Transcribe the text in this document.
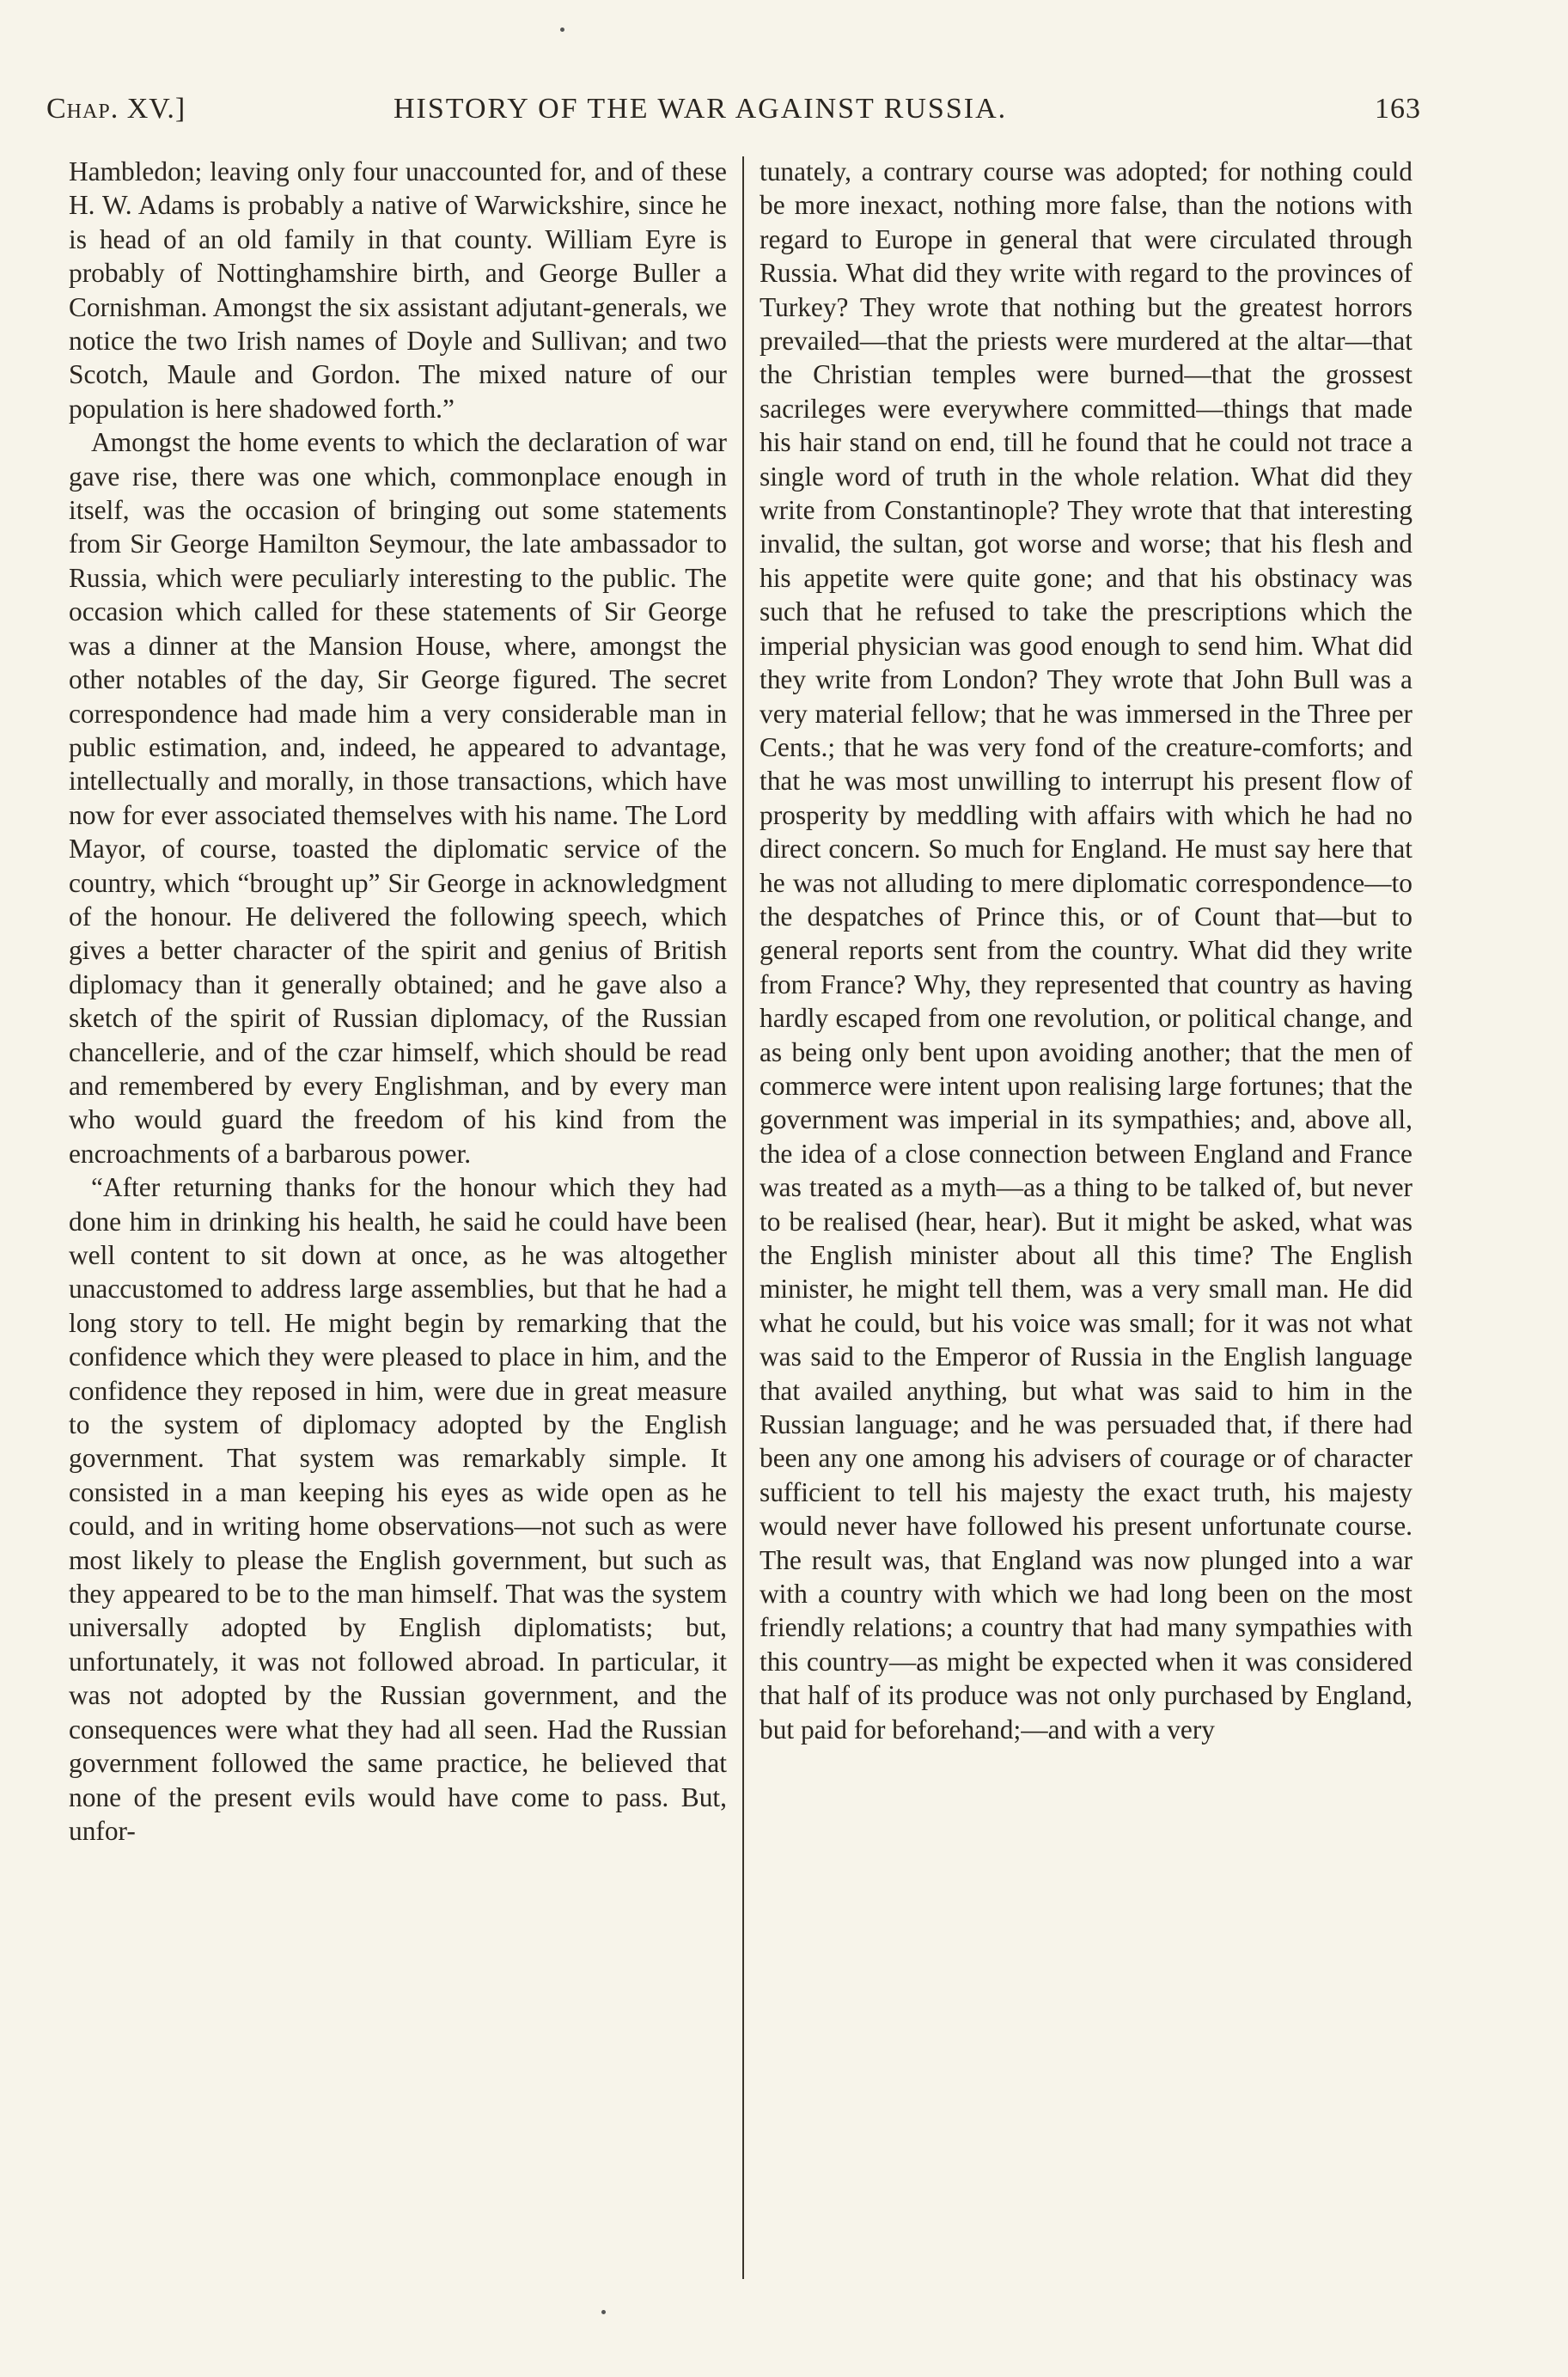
Chap. XV.]	HISTORY OF THE WAR AGAINST RUSSIA.	163

Hambledon; leaving only four unaccounted for, and of these H. W. Adams is probably a native of Warwickshire, since he is head of an old family in that county. William Eyre is probably of Nottinghamshire birth, and George Buller a Cornishman. Amongst the six assistant adjutant-generals, we notice the two Irish names of Doyle and Sullivan; and two Scotch, Maule and Gordon. The mixed nature of our population is here shadowed forth.”

Amongst the home events to which the declaration of war gave rise, there was one which, commonplace enough in itself, was the occasion of bringing out some statements from Sir George Hamilton Seymour, the late ambassador to Russia, which were peculiarly interesting to the public. The occasion which called for these statements of Sir George was a dinner at the Mansion House, where, amongst the other notables of the day, Sir George figured. The secret correspondence had made him a very considerable man in public estimation, and, indeed, he appeared to advantage, intellectually and morally, in those transactions, which have now for ever associated themselves with his name. The Lord Mayor, of course, toasted the diplomatic service of the country, which “brought up” Sir George in acknowledgment of the honour. He delivered the following speech, which gives a better character of the spirit and genius of British diplomacy than it generally obtained; and he gave also a sketch of the spirit of Russian diplomacy, of the Russian chancellerie, and of the czar himself, which should be read and remembered by every Englishman, and by every man who would guard the freedom of his kind from the encroachments of a barbarous power.

“After returning thanks for the honour which they had done him in drinking his health, he said he could have been well content to sit down at once, as he was altogether unaccustomed to address large assemblies, but that he had a long story to tell. He might begin by remarking that the confidence which they were pleased to place in him, and the confidence they reposed in him, were due in great measure to the system of diplomacy adopted by the English government. That system was remarkably simple. It consisted in a man keeping his eyes as wide open as he could, and in writing home observations—not such as were most likely to please the English government, but such as they appeared to be to the man himself. That was the system universally adopted by English diplomatists; but, unfortunately, it was not followed abroad. In particular, it was not adopted by the Russian government, and the consequences were what they had all seen. Had the Russian government followed the same practice, he believed that none of the present evils would have come to pass. But, unfor-

tunately, a contrary course was adopted; for nothing could be more inexact, nothing more false, than the notions with regard to Europe in general that were circulated through Russia. What did they write with regard to the provinces of Turkey? They wrote that nothing but the greatest horrors prevailed—that the priests were murdered at the altar—that the Christian temples were burned—that the grossest sacrileges were everywhere committed—things that made his hair stand on end, till he found that he could not trace a single word of truth in the whole relation. What did they write from Constantinople? They wrote that that interesting invalid, the sultan, got worse and worse; that his flesh and his appetite were quite gone; and that his obstinacy was such that he refused to take the prescriptions which the imperial physician was good enough to send him. What did they write from London? They wrote that John Bull was a very material fellow; that he was immersed in the Three per Cents.; that he was very fond of the creature-comforts; and that he was most unwilling to interrupt his present flow of prosperity by meddling with affairs with which he had no direct concern. So much for England. He must say here that he was not alluding to mere diplomatic correspondence—to the despatches of Prince this, or of Count that—but to general reports sent from the country. What did they write from France? Why, they represented that country as having hardly escaped from one revolution, or political change, and as being only bent upon avoiding another; that the men of commerce were intent upon realising large fortunes; that the government was imperial in its sympathies; and, above all, the idea of a close connection between England and France was treated as a myth—as a thing to be talked of, but never to be realised (hear, hear). But it might be asked, what was the English minister about all this time? The English minister, he might tell them, was a very small man. He did what he could, but his voice was small; for it was not what was said to the Emperor of Russia in the English language that availed anything, but what was said to him in the Russian language; and he was persuaded that, if there had been any one among his advisers of courage or of character sufficient to tell his majesty the exact truth, his majesty would never have followed his present unfortunate course. The result was, that England was now plunged into a war with a country with which we had long been on the most friendly relations; a country that had many sympathies with this country—as might be expected when it was considered that half of its produce was not only purchased by England, but paid for beforehand;—and with a very
